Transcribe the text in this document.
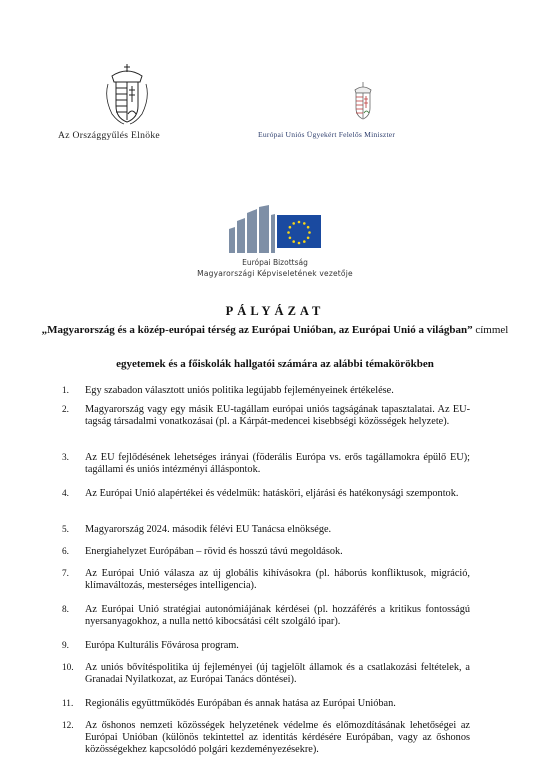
Az Országgyűlés Elnöke	Európai Uniós Ügyekért Felelős Miniszter
Európai Bizottság
Magyarországi Képviseletének vezetője
PÁLYÁZAT
„Magyarország és a közép-európai térség az Európai Unióban, az Európai Unió a világban” címmel
egyetemek és a főiskolák hallgatói számára az alábbi témakörökben
1.	Egy szabadon választott uniós politika legújabb fejleményeinek értékelése.
2.	Magyarország vagy egy másik EU-tagállam európai uniós tagságának tapasztalatai. Az EU-tagság társadalmi vonatkozásai (pl. a Kárpát-medencei kisebbségi közösségek helyzete).
3.	Az EU fejlődésének lehetséges irányai (föderális Európa vs. erős tagállamokra épülő EU); tagállami és uniós intézményi álláspontok.
4.	Az Európai Unió alapértékei és védelmük: hatásköri, eljárási és hatékonysági szempontok.
5.	Magyarország 2024. második félévi EU Tanácsa elnöksége.
6.	Energiahelyzet Európában – rövid és hosszú távú megoldások.
7.	Az Európai Unió válasza az új globális kihívásokra (pl. háborús konfliktusok, migráció, klímaváltozás, mesterséges intelligencia).
8.	Az Európai Unió stratégiai autonómiájának kérdései (pl. hozzáférés a kritikus fontosságú nyersanyagokhoz, a nulla nettó kibocsátási célt szolgáló ipar).
9.	Európa Kulturális Fővárosa program.
10.	Az uniós bővítéspolitika új fejleményei (új tagjelölt államok és a csatlakozási feltételek, a Granadai Nyilatkozat, az Európai Tanács döntései).
11.	Regionális együttműködés Európában és annak hatása az Európai Unióban.
12.	Az őshonos nemzeti közösségek helyzetének védelme és előmozdításának lehetőségei az Európai Unióban (különös tekintettel az identitás kérdésére Európában, vagy az őshonos közösségekhez kapcsolódó polgári kezdeményezésekre).
